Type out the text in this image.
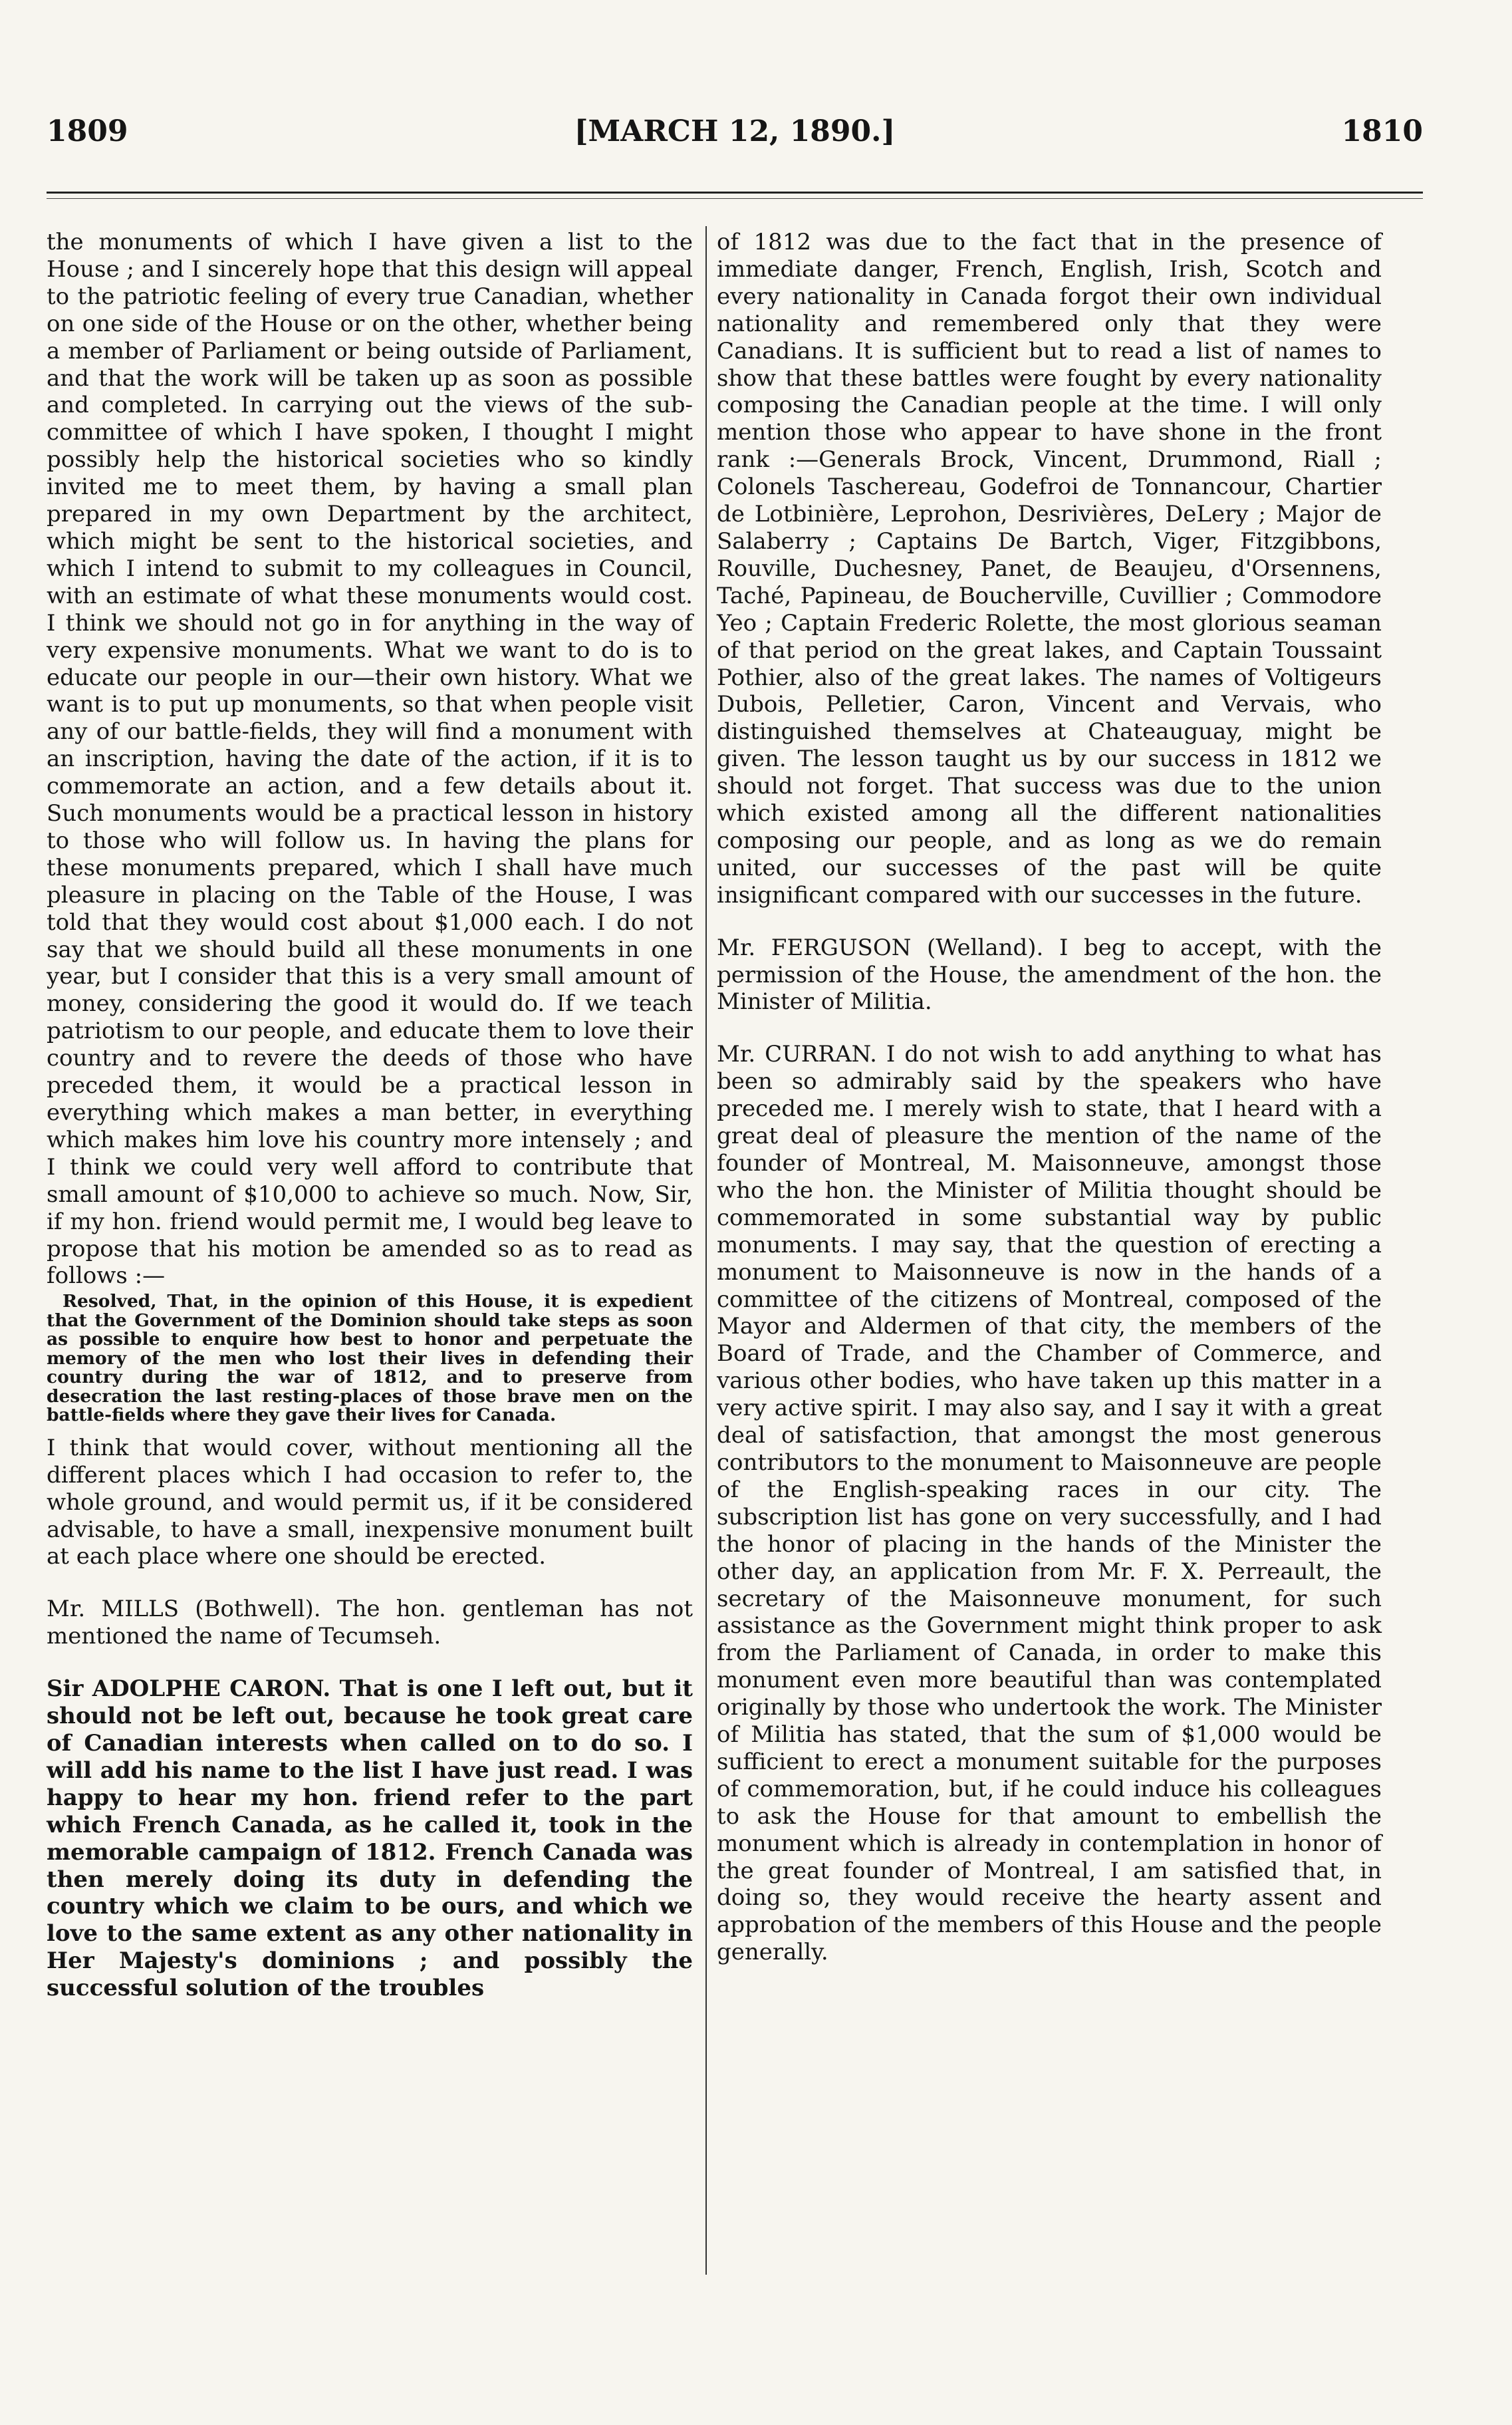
1809	[MARCH 12, 1890.]	1810

the monuments of which I have given a list to the House ; and I sincerely hope that this design will appeal to the patriotic feeling of every true Canadian, whether on one side of the House or on the other, whether being a member of Parliament or being outside of Parliament, and that the work will be taken up as soon as possible and completed. In carrying out the views of the sub-committee of which I have spoken, I thought I might possibly help the historical societies who so kindly invited me to meet them, by having a small plan prepared in my own Department by the architect, which might be sent to the historical societies, and which I intend to submit to my colleagues in Council, with an estimate of what these monuments would cost. I think we should not go in for anything in the way of very expensive monuments. What we want to do is to educate our people in our—their own history. What we want is to put up monuments, so that when people visit any of our battle-fields, they will find a monument with an inscription, having the date of the action, if it is to commemorate an action, and a few details about it. Such monuments would be a practical lesson in history to those who will follow us. In having the plans for these monuments prepared, which I shall have much pleasure in placing on the Table of the House, I was told that they would cost about $1,000 each. I do not say that we should build all these monuments in one year, but I consider that this is a very small amount of money, considering the good it would do. If we teach patriotism to our people, and educate them to love their country and to revere the deeds of those who have preceded them, it would be a practical lesson in everything which makes a man better, in everything which makes him love his country more intensely ; and I think we could very well afford to contribute that small amount of $10,000 to achieve so much. Now, Sir, if my hon. friend would permit me, I would beg leave to propose that his motion be amended so as to read as follows :—

Resolved, That, in the opinion of this House, it is expedient that the Government of the Dominion should take steps as soon as possible to enquire how best to honor and perpetuate the memory of the men who lost their lives in defending their country during the war of 1812, and to preserve from desecration the last resting-places of those brave men on the battle-fields where they gave their lives for Canada.

I think that would cover, without mentioning all the different places which I had occasion to refer to, the whole ground, and would permit us, if it be considered advisable, to have a small, inexpensive monument built at each place where one should be erected.

Mr. MILLS (Bothwell). The hon. gentleman has not mentioned the name of Tecumseh.

Sir ADOLPHE CARON. That is one I left out, but it should not be left out, because he took great care of Canadian interests when called on to do so. I will add his name to the list I have just read. I was happy to hear my hon. friend refer to the part which French Canada, as he called it, took in the memorable campaign of 1812. French Canada was then merely doing its duty in defending the country which we claim to be ours, and which we love to the same extent as any other nationality in Her Majesty's dominions ; and possibly the successful solution of the troubles

of 1812 was due to the fact that in the presence of immediate danger, French, English, Irish, Scotch and every nationality in Canada forgot their own individual nationality and remembered only that they were Canadians. It is sufficient but to read a list of names to show that these battles were fought by every nationality composing the Canadian people at the time. I will only mention those who appear to have shone in the front rank :—Generals Brock, Vincent, Drummond, Riall ; Colonels Taschereau, Godefroi de Tonnancour, Chartier de Lotbinière, Leprohon, Desrivières, DeLery ; Major de Salaberry ; Captains De Bartch, Viger, Fitzgibbons, Rouville, Duchesney, Panet, de Beaujeu, d'Orsennens, Taché, Papineau, de Boucherville, Cuvillier ; Commodore Yeo ; Captain Frederic Rolette, the most glorious seaman of that period on the great lakes, and Captain Toussaint Pothier, also of the great lakes. The names of Voltigeurs Dubois, Pelletier, Caron, Vincent and Vervais, who distinguished themselves at Chateauguay, might be given. The lesson taught us by our success in 1812 we should not forget. That success was due to the union which existed among all the different nationalities composing our people, and as long as we do remain united, our successes of the past will be quite insignificant compared with our successes in the future.

Mr. FERGUSON (Welland). I beg to accept, with the permission of the House, the amendment of the hon. the Minister of Militia.

Mr. CURRAN. I do not wish to add anything to what has been so admirably said by the speakers who have preceded me. I merely wish to state, that I heard with a great deal of pleasure the mention of the name of the founder of Montreal, M. Maisonneuve, amongst those who the hon. the Minister of Militia thought should be commemorated in some substantial way by public monuments. I may say, that the question of erecting a monument to Maisonneuve is now in the hands of a committee of the citizens of Montreal, composed of the Mayor and Aldermen of that city, the members of the Board of Trade, and the Chamber of Commerce, and various other bodies, who have taken up this matter in a very active spirit. I may also say, and I say it with a great deal of satisfaction, that amongst the most generous contributors to the monument to Maisonneuve are people of the English-speaking races in our city. The subscription list has gone on very successfully, and I had the honor of placing in the hands of the Minister the other day, an application from Mr. F. X. Perreault, the secretary of the Maisonneuve monument, for such assistance as the Government might think proper to ask from the Parliament of Canada, in order to make this monument even more beautiful than was contemplated originally by those who undertook the work. The Minister of Militia has stated, that the sum of $1,000 would be sufficient to erect a monument suitable for the purposes of commemoration, but, if he could induce his colleagues to ask the House for that amount to embellish the monument which is already in contemplation in honor of the great founder of Montreal, I am satisfied that, in doing so, they would receive the hearty assent and approbation of the members of this House and the people generally.
